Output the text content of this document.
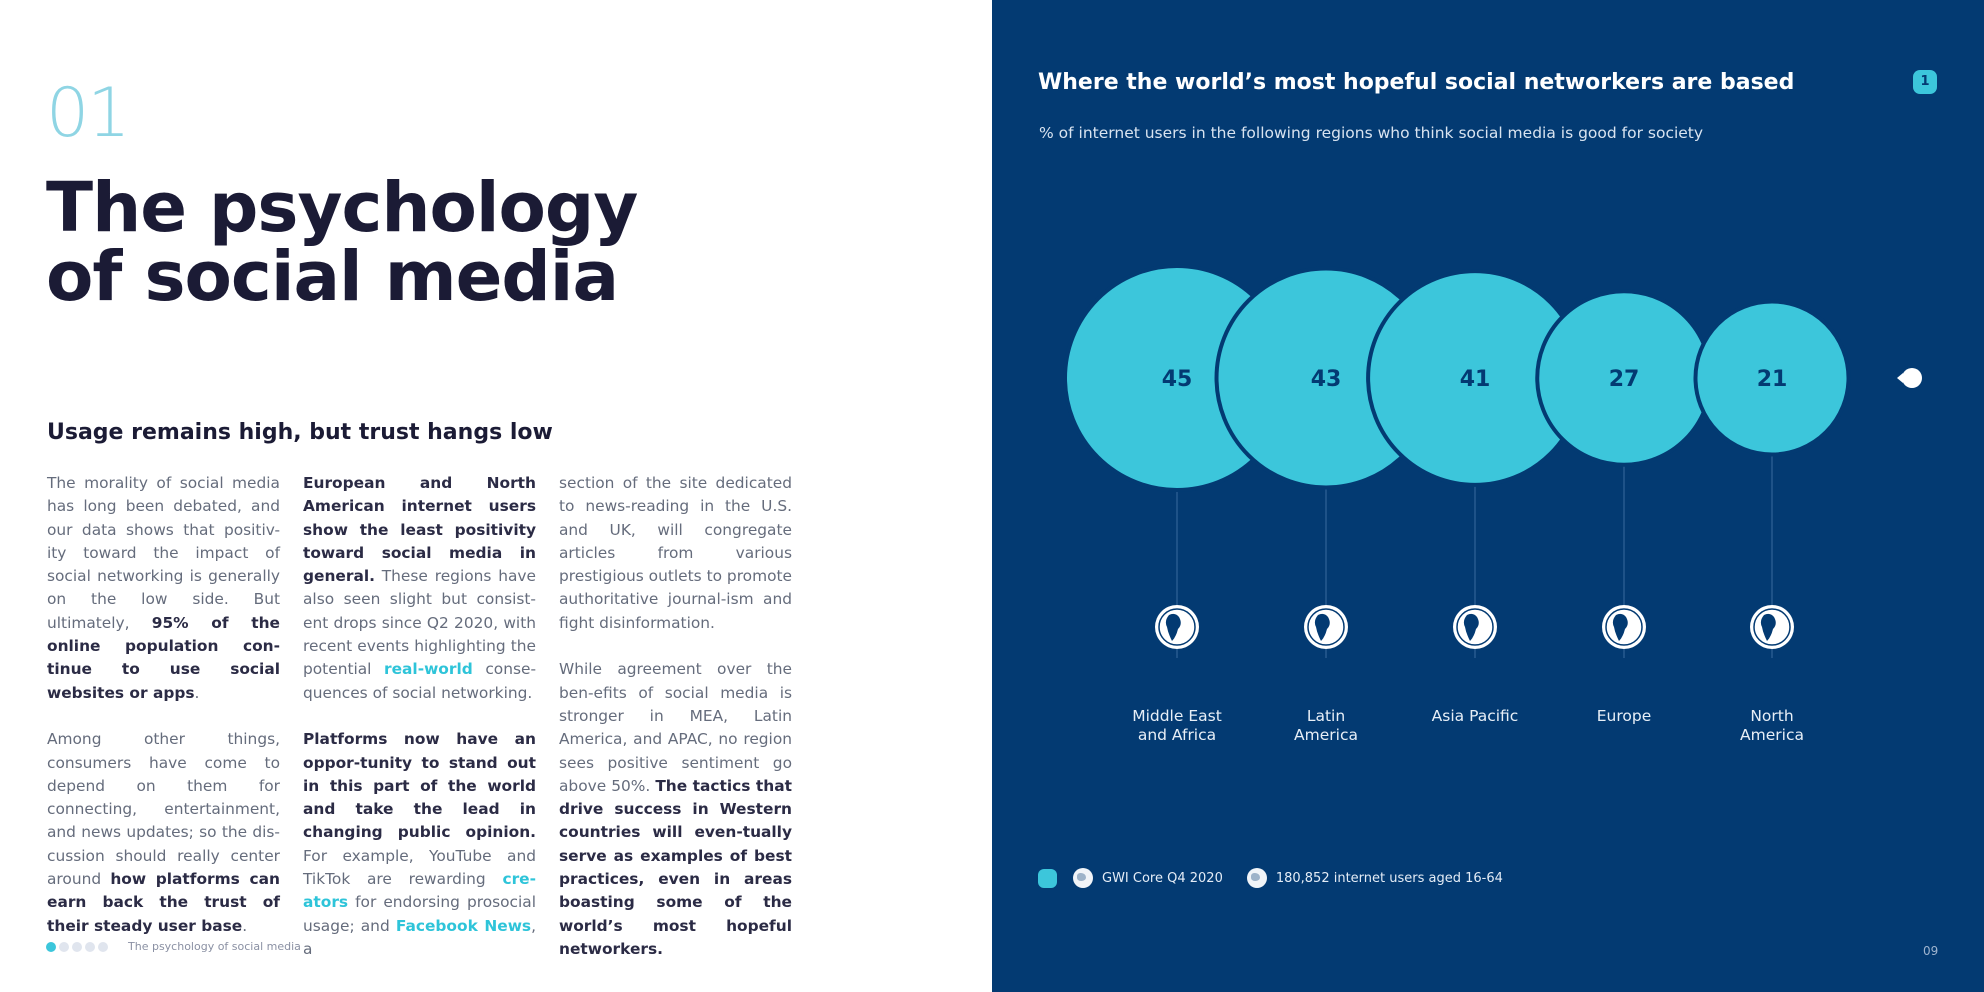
01
The psychology
of social media
Usage remains high, but trust hangs low

The morality of social media has long been debated, and our data shows that positiv-ity toward the impact of social networking is generally on the low side. But ultimately, 95% of the online population con-tinue to use social websites or apps.

Among other things, consumers have come to depend on them for connecting, entertainment, and news updates; so the dis-cussion should really center around how platforms can earn back the trust of their steady user base.

European and North American internet users show the least positivity toward social media in general. These regions have also seen slight but consist-ent drops since Q2 2020, with recent events highlighting the potential real-world conse-quences of social networking.

Platforms now have an oppor-tunity to stand out in this part of the world and take the lead in changing public opinion. For example, YouTube and TikTok are rewarding cre-ators for endorsing prosocial usage; and Facebook News, a

section of the site dedicated to news-reading in the U.S. and UK, will congregate articles from various prestigious outlets to promote authoritative journal-ism and fight disinformation.

While agreement over the ben-efits of social media is stronger in MEA, Latin America, and APAC, no region sees positive sentiment go above 50%. The tactics that drive success in Western countries will even-tually serve as examples of best practices, even in areas boasting some of the world’s most hopeful networkers.

The psychology of social media
Where the world’s most hopeful social networkers are based
% of internet users in the following regions who think social media is good for society
1
45	43	41	27	21
Middle East
and Africa
Latin
America
Asia Pacific	Europe	North
America
GWI Core Q4 2020	180,852 internet users aged 16-64
09
